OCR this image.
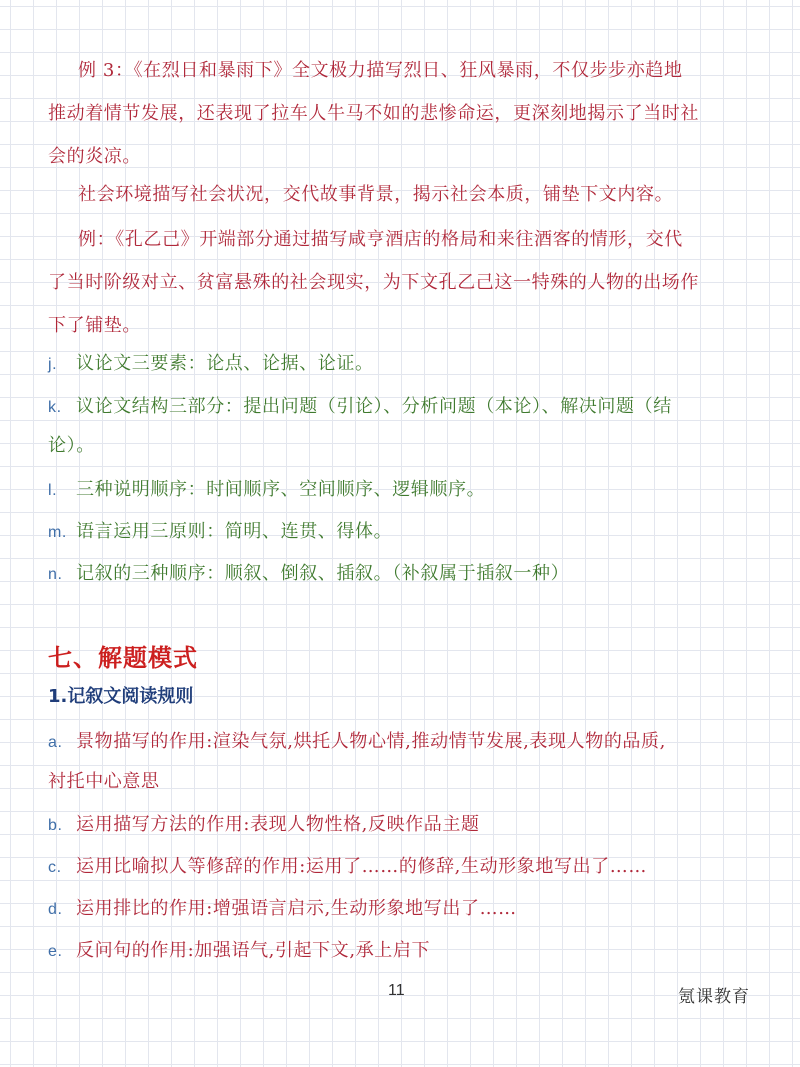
例 3：《在烈日和暴雨下》全文极力描写烈日、狂风暴雨，不仅步步亦趋地
推动着情节发展，还表现了拉车人牛马不如的悲惨命运，更深刻地揭示了当时社
会的炎凉。
社会环境描写社会状况，交代故事背景，揭示社会本质，铺垫下文内容。
例：《孔乙己》开端部分通过描写咸亨酒店的格局和来往酒客的情形，交代
了当时阶级对立、贫富悬殊的社会现实，为下文孔乙己这一特殊的人物的出场作
下了铺垫。
j. 议论文三要素：论点、论据、论证。
k. 议论文结构三部分：提出问题（引论）、分析问题（本论）、解决问题（结
论）。
l. 三种说明顺序：时间顺序、空间顺序、逻辑顺序。
m. 语言运用三原则：简明、连贯、得体。
n. 记叙的三种顺序：顺叙、倒叙、插叙。（补叙属于插叙一种）
七、解题模式
1.记叙文阅读规则
a. 景物描写的作用:渲染气氛,烘托人物心情,推动情节发展,表现人物的品质,
衬托中心意思
b. 运用描写方法的作用:表现人物性格,反映作品主题
c. 运用比喻拟人等修辞的作用:运用了……的修辞,生动形象地写出了……
d. 运用排比的作用:增强语言启示,生动形象地写出了……
e. 反问句的作用:加强语气,引起下文,承上启下
11	氪课教育
